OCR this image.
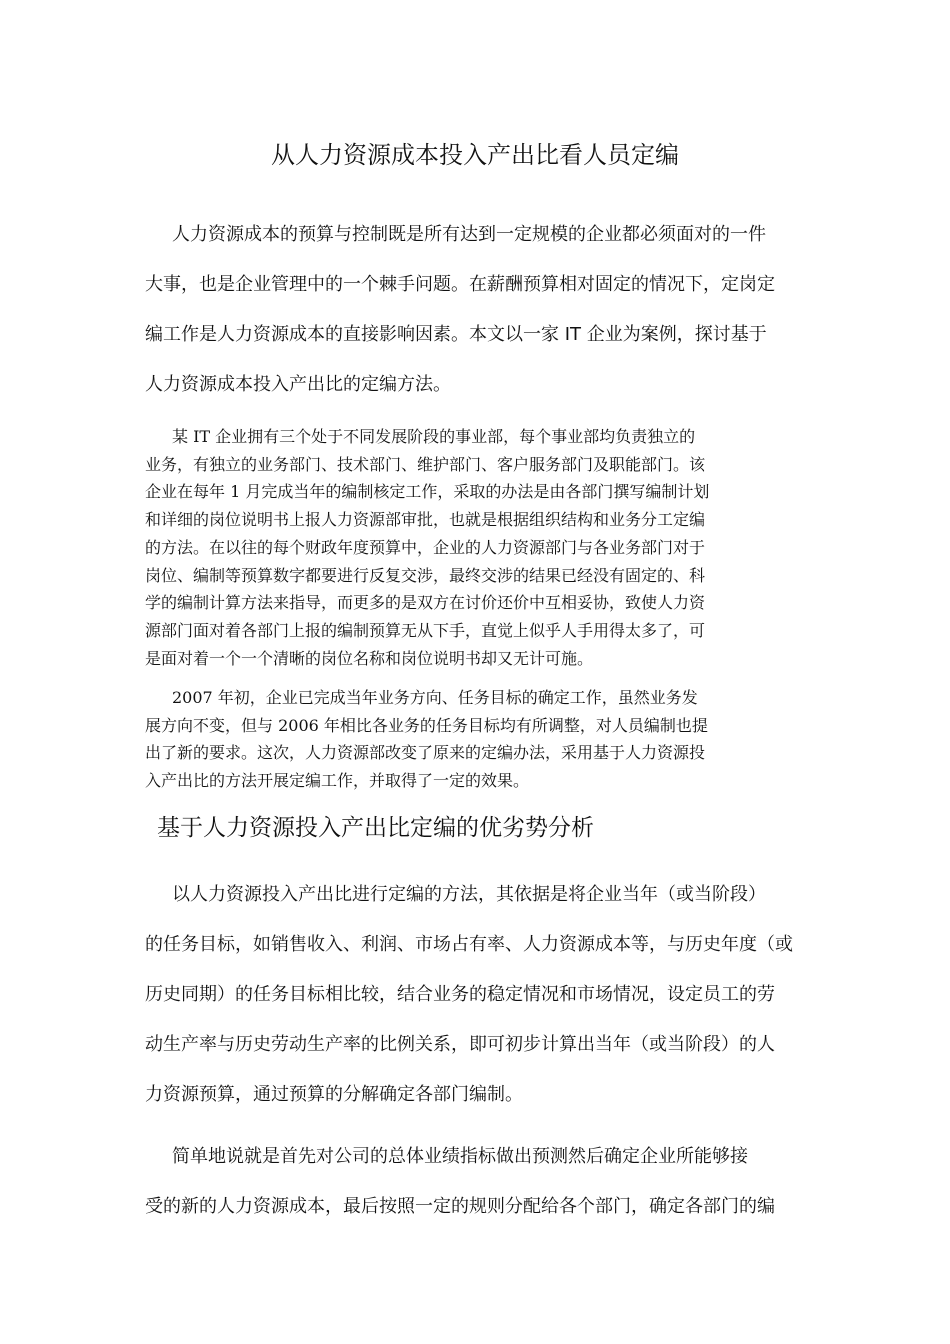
从人力资源成本投入产出比看人员定编

人力资源成本的预算与控制既是所有达到一定规模的企业都必须面对的一件
大事，也是企业管理中的一个棘手问题。在薪酬预算相对固定的情况下，定岗定
编工作是人力资源成本的直接影响因素。本文以一家 IT 企业为案例，探讨基于
人力资源成本投入产出比的定编方法。

某 IT 企业拥有三个处于不同发展阶段的事业部，每个事业部均负责独立的
业务，有独立的业务部门、技术部门、维护部门、客户服务部门及职能部门。该
企业在每年 1 月完成当年的编制核定工作，采取的办法是由各部门撰写编制计划
和详细的岗位说明书上报人力资源部审批，也就是根据组织结构和业务分工定编
的方法。在以往的每个财政年度预算中，企业的人力资源部门与各业务部门对于
岗位、编制等预算数字都要进行反复交涉，最终交涉的结果已经没有固定的、科
学的编制计算方法来指导，而更多的是双方在讨价还价中互相妥协，致使人力资
源部门面对着各部门上报的编制预算无从下手，直觉上似乎人手用得太多了，可
是面对着一个一个清晰的岗位名称和岗位说明书却又无计可施。

2007 年初，企业已完成当年业务方向、任务目标的确定工作，虽然业务发
展方向不变，但与 2006 年相比各业务的任务目标均有所调整，对人员编制也提
出了新的要求。这次，人力资源部改变了原来的定编办法，采用基于人力资源投
入产出比的方法开展定编工作，并取得了一定的效果。

基于人力资源投入产出比定编的优劣势分析

以人力资源投入产出比进行定编的方法，其依据是将企业当年（或当阶段）
的任务目标，如销售收入、利润、市场占有率、人力资源成本等，与历史年度（或
历史同期）的任务目标相比较，结合业务的稳定情况和市场情况，设定员工的劳
动生产率与历史劳动生产率的比例关系，即可初步计算出当年（或当阶段）的人
力资源预算，通过预算的分解确定各部门编制。

简单地说就是首先对公司的总体业绩指标做出预测然后确定企业所能够接
受的新的人力资源成本，最后按照一定的规则分配给各个部门，确定各部门的编
